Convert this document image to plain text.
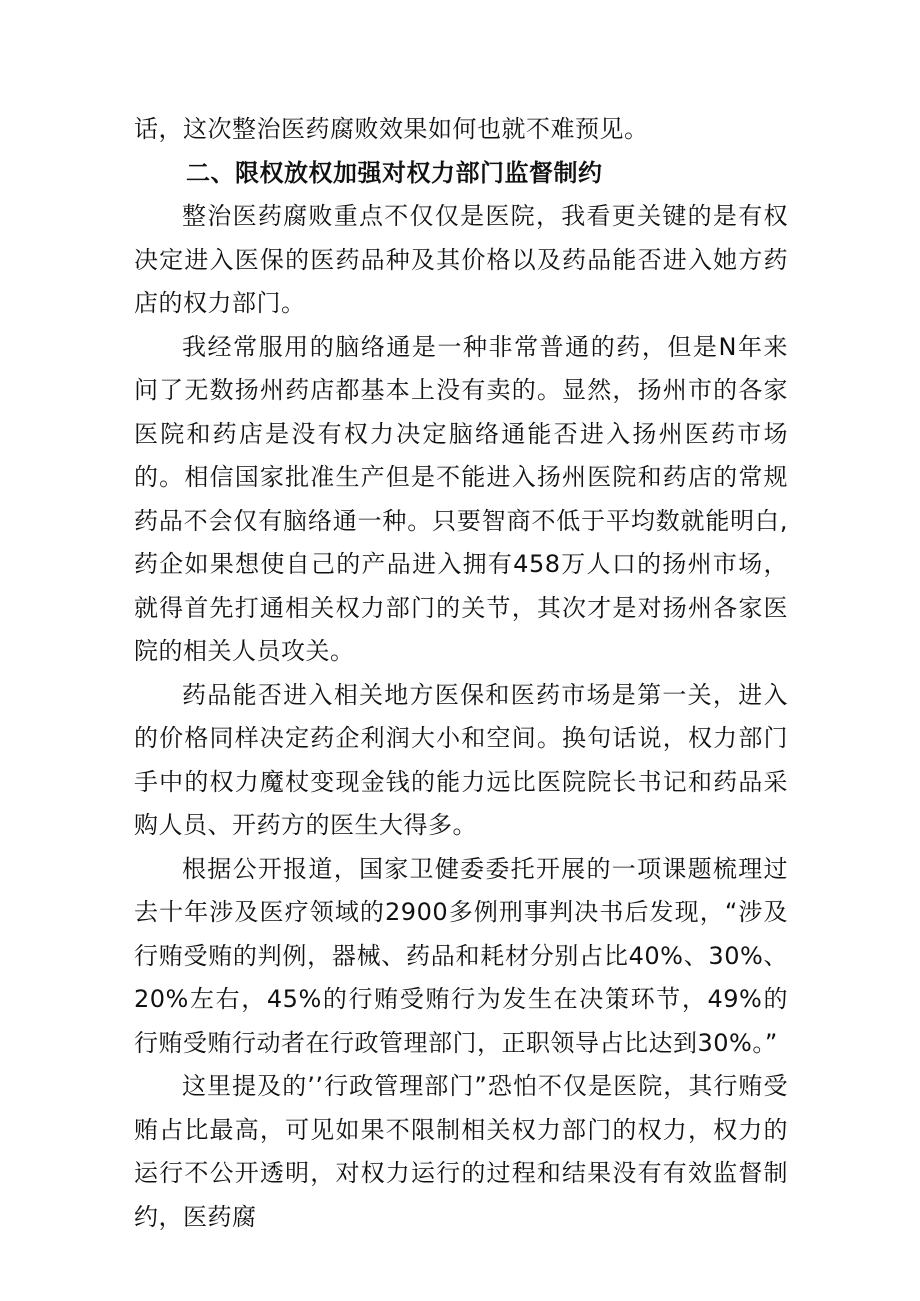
话，这次整治医药腐败效果如何也就不难预见。

二、限权放权加强对权力部门监督制约

整治医药腐败重点不仅仅是医院，我看更关键的是有权决定进入医保的医药品种及其价格以及药品能否进入她方药店的权力部门。

我经常服用的脑络通是一种非常普通的药，但是N年来问了无数扬州药店都基本上没有卖的。显然，扬州市的各家医院和药店是没有权力决定脑络通能否进入扬州医药市场的。相信国家批准生产但是不能进入扬州医院和药店的常规药品不会仅有脑络通一种。只要智商不低于平均数就能明白,药企如果想使自己的产品进入拥有458万人口的扬州市场，就得首先打通相关权力部门的关节，其次才是对扬州各家医院的相关人员攻关。

药品能否进入相关地方医保和医药市场是第一关，进入的价格同样决定药企利润大小和空间。换句话说，权力部门手中的权力魔杖变现金钱的能力远比医院院长书记和药品采购人员、开药方的医生大得多。

根据公开报道，国家卫健委委托开展的一项课题梳理过去十年涉及医疗领域的2900多例刑事判决书后发现，“涉及行贿受贿的判例，器械、药品和耗材分别占比40%、30%、20%左右，45%的行贿受贿行为发生在决策环节，49%的行贿受贿行动者在行政管理部门，正职领导占比达到30%。”

这里提及的’’行政管理部门”恐怕不仅是医院，其行贿受贿占比最高，可见如果不限制相关权力部门的权力，权力的运行不公开透明，对权力运行的过程和结果没有有效监督制约，医药腐
